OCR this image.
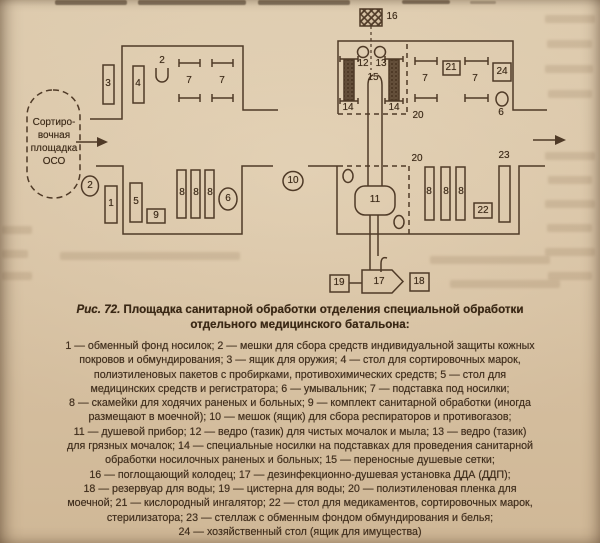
3 4
2
7	7
16
12 13
15
14	14
20
7
21
7
24
6
2
1 5
9
8 8 8
6
10
20
11
8 8 8
22
23
19	17	18
Сортиро-
вочная
площадка
ОСО
Рис. 72. Площадка санитарной обработки отделения специальной обработки
отдельного медицинского батальона:
1 — обменный фонд носилок; 2 — мешки для сбора средств индивидуальной защиты кожных
покровов и обмундирования; 3 — ящик для оружия; 4 — стол для сортировочных марок,
полиэтиленовых пакетов с пробирками, противохимических средств; 5 — стол для
медицинских средств и регистратора; 6 — умывальник; 7 — подставка под носилки;
8 — скамейки для ходячих раненых и больных; 9 — комплект санитарной обработки (иногда
размещают в моечной); 10 — мешок (ящик) для сбора респираторов и противогазов;
11 — душевой прибор; 12 — ведро (тазик) для чистых мочалок и мыла; 13 — ведро (тазик)
для грязных мочалок; 14 — специальные носилки на подставках для проведения санитарной
обработки носилочных раненых и больных; 15 — переносные душевые сетки;
16 — поглощающий колодец; 17 — дезинфекционно-душевая установка ДДА (ДДП);
18 — резервуар для воды; 19 — цистерна для воды; 20 — полиэтиленовая пленка для
моечной; 21 — кислородный ингалятор; 22 — стол для медикаментов, сортировочных марок,
стерилизатора; 23 — стеллаж с обменным фондом обмундирования и белья;
24 — хозяйственный стол (ящик для имущества)
